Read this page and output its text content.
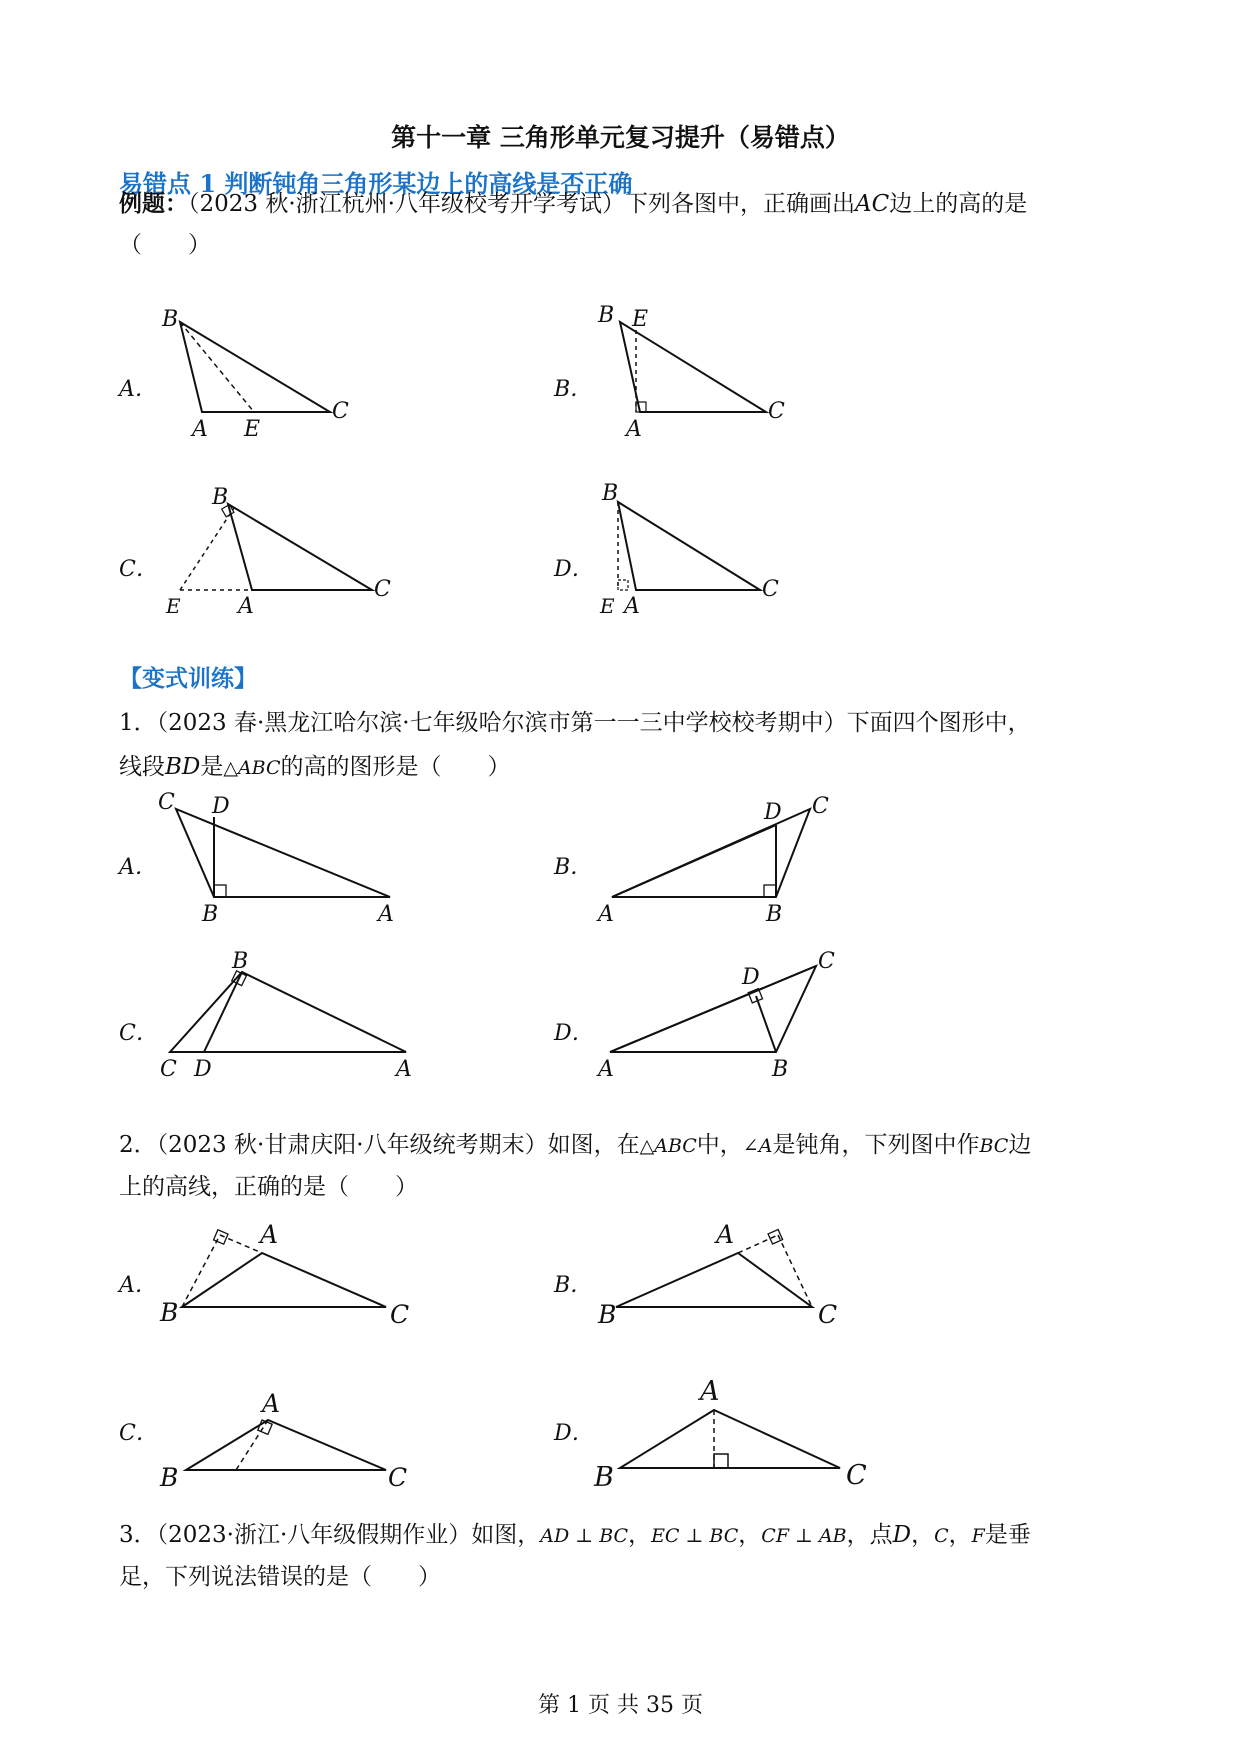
第十一章 三角形单元复习提升（易错点）
易错点 1 判断钝角三角形某边上的高线是否正确
例题：（2023 秋·浙江杭州·八年级校考开学考试）下列各图中，正确画出AC边上的高的是
（　　）
A．	B．
C．	D．
B
A E
C
B E
A
C
B
E	A
C
B
E A
C
【变式训练】
1．（2023 春·黑龙江哈尔滨·七年级哈尔滨市第一一三中学校校考期中）下面四个图形中，
线段BD是△ABC的高的图形是（　　）
A．	B．
C．	D．
C D
B	A	A	B
D C
B
C D	A
D
C
A	B
2．（2023 秋·甘肃庆阳·八年级统考期末）如图，在△ABC中，∠A是钝角，下列图中作BC边
上的高线，正确的是（　　）
A．	B．
C．	D．
A
B	C
A
B	C
A
B	C
A
B	C
3．（2023·浙江·八年级假期作业）如图，AD ⊥ BC，EC ⊥ BC，CF ⊥ AB，点D，C，F是垂
足，下列说法错误的是（　　）
第 1 页 共 35 页
